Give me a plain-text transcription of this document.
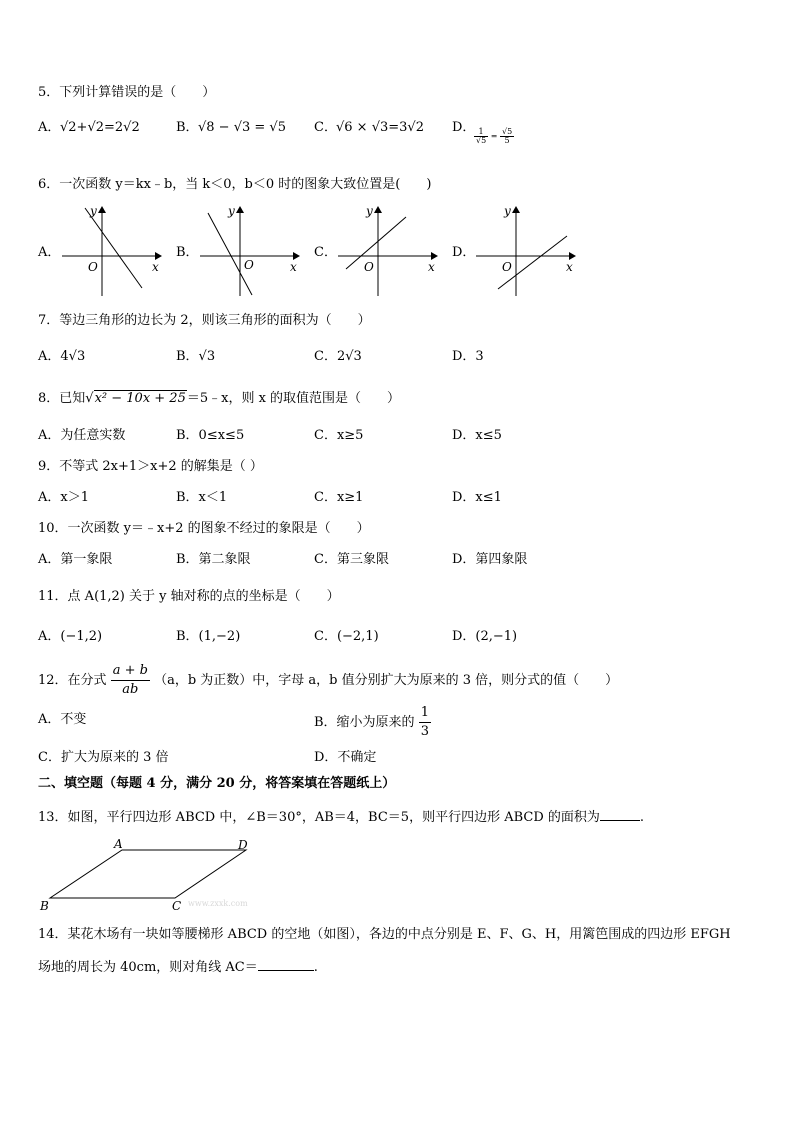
5．下列计算错误的是（　　）
A． √2+√2=2√2	B． √8 − √3 = √5 C． √6 × √3=3√2 D．
$\frac{1}{√5} = \frac{√5}{5}$
6．一次函数 y＝kx﹣b，当 k＜0，b＜0 时的图象大致位置是(　　)
A．
y
x
O
B．
y
x
O
C．
y
x
O
D．
y
x
O
7．等边三角形的边长为 2，则该三角形的面积为（　　）
A．4√3	B．√3	C．2√3	D．3
8．已知√x² − 10x + 25＝5﹣x，则 x 的取值范围是（　　）
A．为任意实数	B．0≤x≤5	C．x≥5	D．x≤5
9．不等式 2x+1＞x+2 的解集是（ ）
A．x＞1	B．x＜1	C．x≥1	D．x≤1
10．一次函数 y＝﹣x+2 的图象不经过的象限是（　　）
A．第一象限	B．第二象限	C．第三象限	D．第四象限
11．点 A(1,2) 关于 y 轴对称的点的坐标是（　　）
A．(−1,2)	B．(1,−2)	C．(−2,1)	D．(2,−1)
12．在分式 $\frac{a + b}{ab} (a$，b 为正数）中，字母 a，b 值分别扩大为原来的 3 倍，则分式的值（　　）
A．不变	B．缩小为原来的 $\frac{1}{3}$
C．扩大为原来的 3 倍	D．不确定
二、填空题（每题 4 分，满分 20 分，将答案填在答题纸上）
13．如图，平行四边形 ABCD 中，∠B＝30°，AB＝4，BC＝5，则平行四边形 ABCD 的面积为	.
A	D
B	C www.zxxk.com
14．某花木场有一块如等腰梯形 ABCD 的空地（如图），各边的中点分别是 E、F、G、H，用篱笆围成的四边形 EFGH
场地的周长为 40cm，则对角线 AC＝	.
